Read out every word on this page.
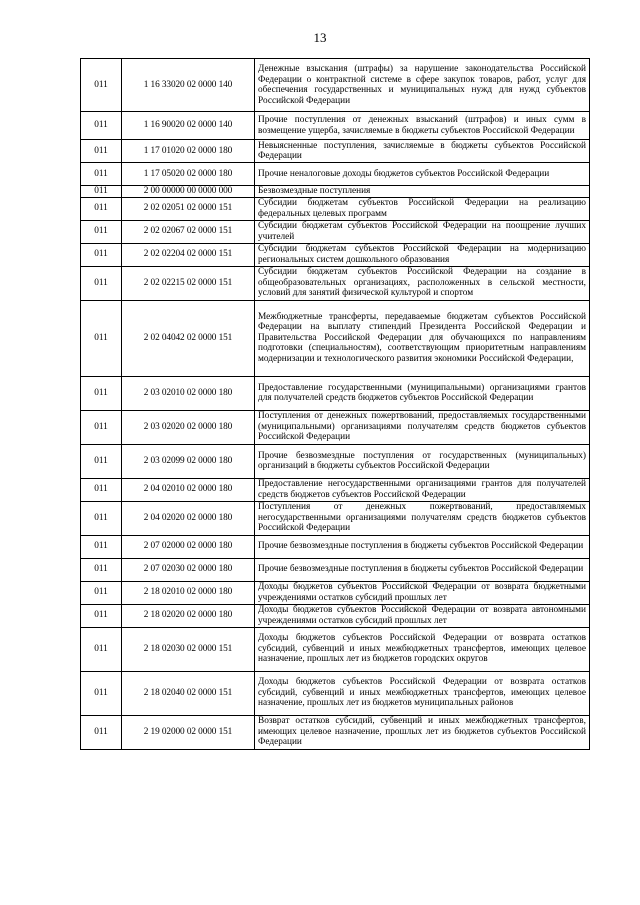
13
011	1 16 33020 02 0000 140	Денежные взыскания (штрафы) за нарушение законодательства Российской Федерации о контрактной системе в сфере закупок товаров, работ, услуг для обеспечения государственных и муниципальных нужд для нужд субъектов Российской Федерации
011	1 16 90020 02 0000 140	Прочие поступления от денежных взысканий (штрафов) и иных сумм в возмещение ущерба, зачисляемые в бюджеты субъектов Российской Федерации
011	1 17 01020 02 0000 180	Невыясненные поступления, зачисляемые в бюджеты субъектов Российской Федерации
011	1 17 05020 02 0000 180	Прочие неналоговые доходы бюджетов субъектов Российской Федерации
011	2 00 00000 00 0000 000	Безвозмездные поступления
011	2 02 02051 02 0000 151	Субсидии бюджетам субъектов Российской Федерации на реализацию федеральных целевых программ
011	2 02 02067 02 0000 151	Субсидии бюджетам субъектов Российской Федерации на поощрение лучших учителей
011	2 02 02204 02 0000 151	Субсидии бюджетам субъектов Российской Федерации на модернизацию региональных систем дошкольного образования
011	2 02 02215 02 0000 151	Субсидии бюджетам субъектов Российской Федерации на создание в общеобразовательных организациях, расположенных в сельской местности, условий для занятий физической культурой и спортом
011	2 02 04042 02 0000 151	Межбюджетные трансферты, передаваемые бюджетам субъектов Российской Федерации на выплату стипендий Президента Российской Федерации и Правительства Российской Федерации для обучающихся по направлениям подготовки (специальностям), соответствующим приоритетным направлениям модернизации и технологического развития экономики Российской Федерации,
011	2 03 02010 02 0000 180	Предоставление государственными (муниципальными) организациями грантов для получателей средств бюджетов субъектов Российской Федерации
011	2 03 02020 02 0000 180	Поступления от денежных пожертвований, предоставляемых государственными (муниципальными) организациями получателям средств бюджетов субъектов Российской Федерации
011	2 03 02099 02 0000 180	Прочие безвозмездные поступления от государственных (муниципальных) организаций в бюджеты субъектов Российской Федерации
011	2 04 02010 02 0000 180	Предоставление негосударственными организациями грантов для получателей средств бюджетов субъектов Российской Федерации
011	2 04 02020 02 0000 180	Поступления от денежных пожертвований, предоставляемых негосударственными организациями получателям средств бюджетов субъектов Российской Федерации
011	2 07 02000 02 0000 180	Прочие безвозмездные поступления в бюджеты субъектов Российской Федерации
011	2 07 02030 02 0000 180	Прочие безвозмездные поступления в бюджеты субъектов Российской Федерации
011	2 18 02010 02 0000 180	Доходы бюджетов субъектов Российской Федерации от возврата бюджетными учреждениями остатков субсидий прошлых лет
011	2 18 02020 02 0000 180	Доходы бюджетов субъектов Российской Федерации от возврата автономными учреждениями остатков субсидий прошлых лет
011	2 18 02030 02 0000 151	Доходы бюджетов субъектов Российской Федерации от возврата остатков субсидий, субвенций и иных межбюджетных трансфертов, имеющих целевое назначение, прошлых лет из бюджетов городских округов
011	2 18 02040 02 0000 151	Доходы бюджетов субъектов Российской Федерации от возврата остатков субсидий, субвенций и иных межбюджетных трансфертов, имеющих целевое назначение, прошлых лет из бюджетов муниципальных районов
011	2 19 02000 02 0000 151	Возврат остатков субсидий, субвенций и иных межбюджетных трансфертов, имеющих целевое назначение, прошлых лет из бюджетов субъектов Российской Федерации
